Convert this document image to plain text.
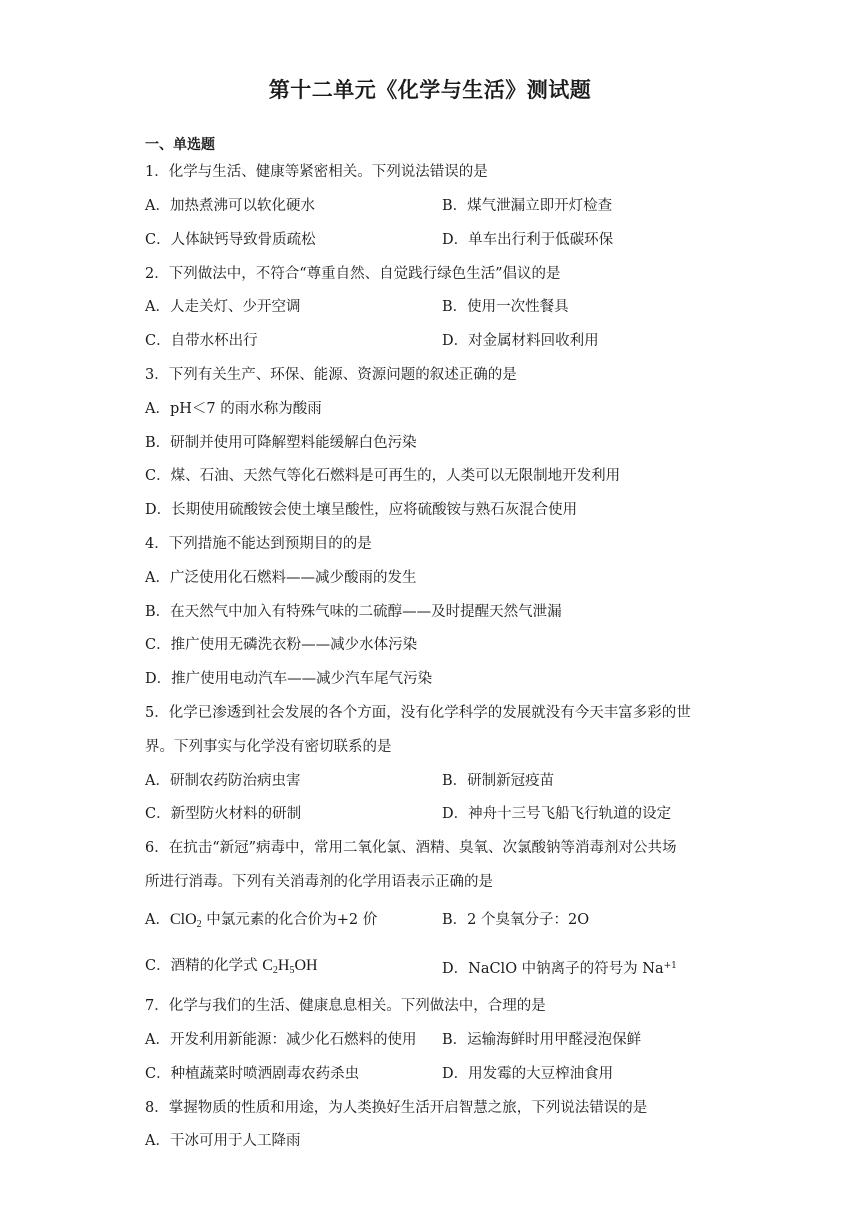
第十二单元《化学与生活》测试题
一、单选题
1．化学与生活、健康等紧密相关。下列说法错误的是
A．加热煮沸可以软化硬水	B．煤气泄漏立即开灯检查
C．人体缺钙导致骨质疏松	D．单车出行利于低碳环保
2．下列做法中，不符合“尊重自然、自觉践行绿色生活”倡议的是
A．人走关灯、少开空调	B．使用一次性餐具
C．自带水杯出行	D．对金属材料回收利用
3．下列有关生产、环保、能源、资源问题的叙述正确的是
A．pH＜7 的雨水称为酸雨
B．研制并使用可降解塑料能缓解白色污染
C．煤、石油、天然气等化石燃料是可再生的，人类可以无限制地开发利用
D．长期使用硫酸铵会使土壤呈酸性，应将硫酸铵与熟石灰混合使用
4．下列措施不能达到预期目的的是
A．广泛使用化石燃料——减少酸雨的发生
B．在天然气中加入有特殊气味的二硫醇——及时提醒天然气泄漏
C．推广使用无磷洗衣粉——减少水体污染
D．推广使用电动汽车——减少汽车尾气污染
5．化学已渗透到社会发展的各个方面，没有化学科学的发展就没有今天丰富多彩的世
界。下列事实与化学没有密切联系的是
A．研制农药防治病虫害	B．研制新冠疫苗
C．新型防火材料的研制	D．神舟十三号飞船飞行轨道的设定
6．在抗击“新冠”病毒中，常用二氧化氯、酒精、臭氧、次氯酸钠等消毒剂对公共场
所进行消毒。下列有关消毒剂的化学用语表示正确的是
A．ClO$_2$ 中氯元素的化合价为+2 价	B．2 个臭氧分子：2O
C．酒精的化学式 $C_2H_5OH$	D．NaClO 中钠离子的符号为 $Na^{+1}$
7．化学与我们的生活、健康息息相关。下列做法中，合理的是
A．开发利用新能源：减少化石燃料的使用 B．运输海鲜时用甲醛浸泡保鲜
C．种植蔬菜时喷洒剧毒农药杀虫	D．用发霉的大豆榨油食用
8．掌握物质的性质和用途，为人类换好生活开启智慧之旅，下列说法错误的是
A．干冰可用于人工降雨
